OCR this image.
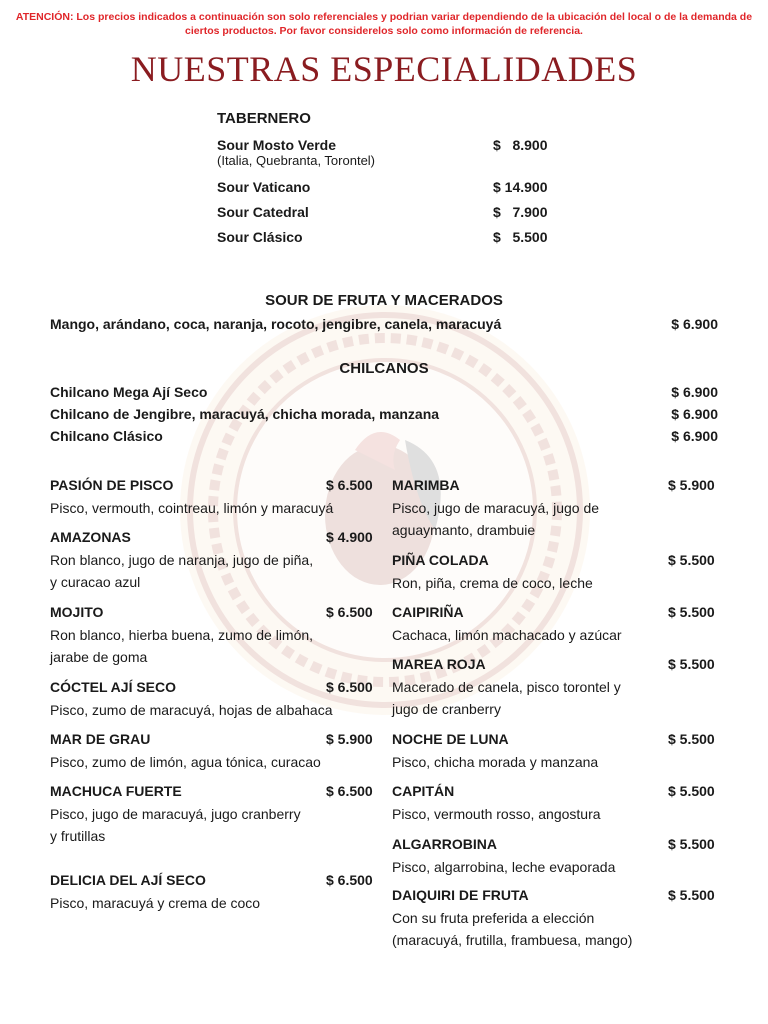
ATENCIÓN: Los precios indicados a continuación son solo referenciales y podrian variar dependiendo de la ubicación del local o de la demanda de ciertos productos. Por favor considerelos solo como información de referencia.
NUESTRAS ESPECIALIDADES
TABERNERO
Sour Mosto Verde	$   8.900
(Italia, Quebranta, Torontel)
Sour Vaticano	$ 14.900
Sour Catedral	$   7.900
Sour Clásico	$   5.500
SOUR DE FRUTA Y MACERADOS
Mango, arándano, coca, naranja, rocoto, jengibre, canela, maracuyá	$ 6.900
CHILCANOS
Chilcano Mega Ají Seco	$ 6.900
Chilcano de Jengibre, maracuyá, chicha morada, manzana	$ 6.900
Chilcano Clásico	$ 6.900
PASIÓN DE PISCO	$ 6.500
Pisco, vermouth, cointreau, limón y maracuyá
AMAZONAS	$ 4.900
Ron blanco, jugo de naranja, jugo de piña,
y curacao azul
MOJITO	$ 6.500
Ron blanco, hierba buena, zumo de limón,
jarabe de goma
CÓCTEL AJÍ SECO	$ 6.500
Pisco, zumo de maracuyá, hojas de albahaca
MAR DE GRAU	$ 5.900
Pisco, zumo de limón, agua tónica, curacao
MACHUCA FUERTE	$ 6.500
Pisco, jugo de maracuyá, jugo cranberry
y frutillas
DELICIA DEL AJÍ SECO	$ 6.500
Pisco, maracuyá y crema de coco
MARIMBA	$ 5.900
Pisco, jugo de maracuyá, jugo de
aguaymanto, drambuie
PIÑA COLADA	$ 5.500
Ron, piña, crema de coco, leche
CAIPIRIÑA	$ 5.500
Cachaca, limón machacado y azúcar
MAREA ROJA	$ 5.500
Macerado de canela, pisco torontel y
jugo de cranberry
NOCHE DE LUNA	$ 5.500
Pisco, chicha morada y manzana
CAPITÁN	$ 5.500
Pisco, vermouth rosso, angostura
ALGARROBINA	$ 5.500
Pisco, algarrobina, leche evaporada
DAIQUIRI DE FRUTA	$ 5.500
Con su fruta preferida a elección
(maracuyá, frutilla, frambuesa, mango)
